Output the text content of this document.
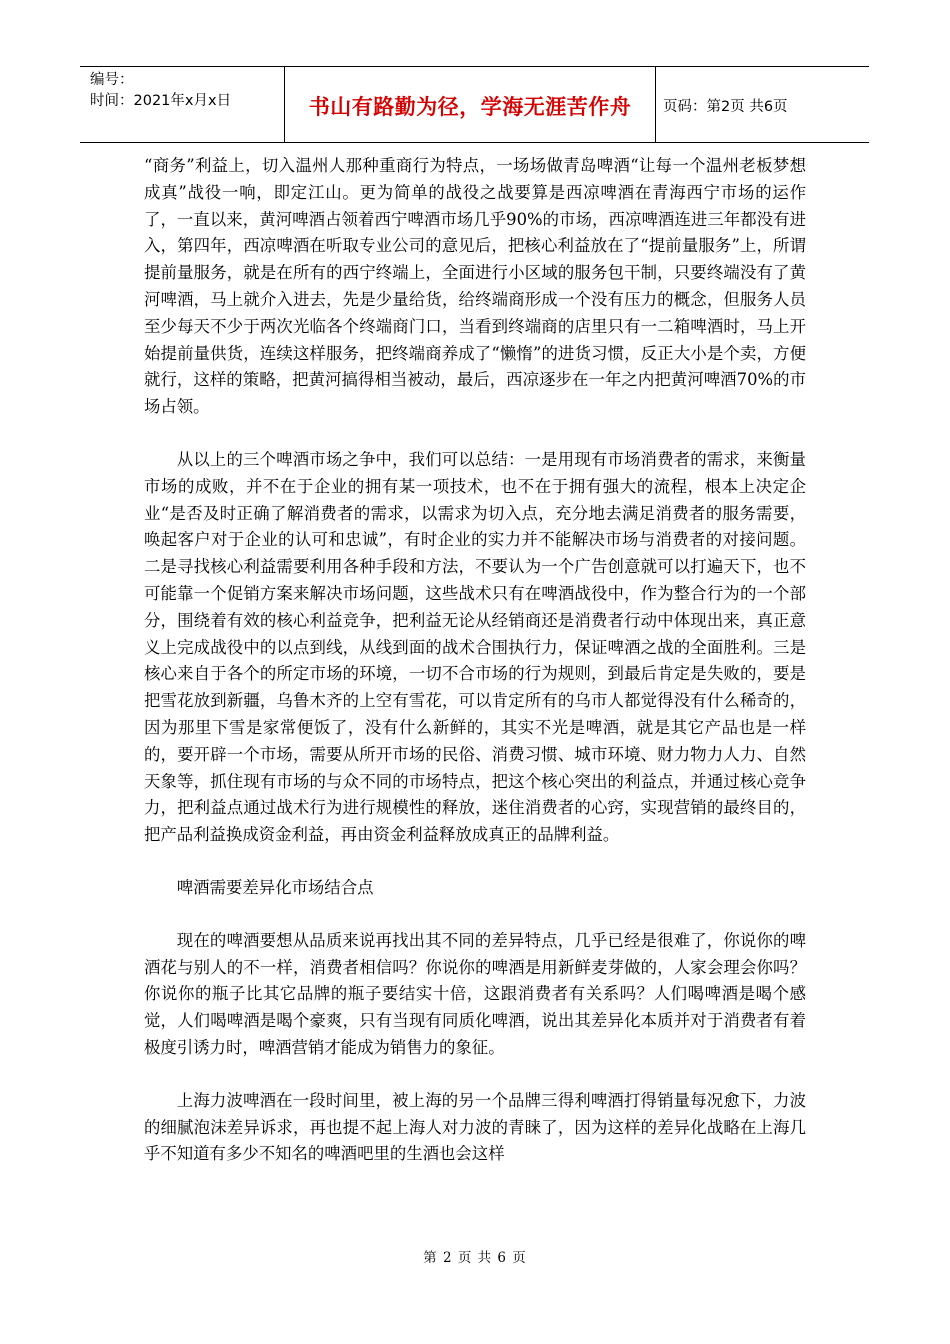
编号：
时间：2021年x月x日	书山有路勤为径，学海无涯苦作舟	页码：第2页 共6页

“商务”利益上，切入温州人那种重商行为特点，一场场做青岛啤酒“让每一个温州老板梦想成真”战役一响，即定江山。更为简单的战役之战要算是西凉啤酒在青海西宁市场的运作了，一直以来，黄河啤酒占领着西宁啤酒市场几乎90%的市场，西凉啤酒连进三年都没有进入，第四年，西凉啤酒在听取专业公司的意见后，把核心利益放在了“提前量服务”上，所谓提前量服务，就是在所有的西宁终端上，全面进行小区域的服务包干制，只要终端没有了黄河啤酒，马上就介入进去，先是少量给货，给终端商形成一个没有压力的概念，但服务人员至少每天不少于两次光临各个终端商门口，当看到终端商的店里只有一二箱啤酒时，马上开始提前量供货，连续这样服务，把终端商养成了“懒惰”的进货习惯，反正大小是个卖，方便就行，这样的策略，把黄河搞得相当被动，最后，西凉逐步在一年之内把黄河啤酒70%的市场占领。

从以上的三个啤酒市场之争中，我们可以总结：一是用现有市场消费者的需求，来衡量市场的成败，并不在于企业的拥有某一项技术，也不在于拥有强大的流程，根本上决定企业“是否及时正确了解消费者的需求，以需求为切入点，充分地去满足消费者的服务需要，唤起客户对于企业的认可和忠诚”，有时企业的实力并不能解决市场与消费者的对接问题。二是寻找核心利益需要利用各种手段和方法，不要认为一个广告创意就可以打遍天下，也不可能靠一个促销方案来解决市场问题，这些战术只有在啤酒战役中，作为整合行为的一个部分，围绕着有效的核心利益竞争，把利益无论从经销商还是消费者行动中体现出来，真正意义上完成战役中的以点到线，从线到面的战术合围执行力，保证啤酒之战的全面胜利。三是核心来自于各个的所定市场的环境，一切不合市场的行为规则，到最后肯定是失败的，要是把雪花放到新疆，乌鲁木齐的上空有雪花，可以肯定所有的乌市人都觉得没有什么稀奇的，因为那里下雪是家常便饭了，没有什么新鲜的，其实不光是啤酒，就是其它产品也是一样的，要开辟一个市场，需要从所开市场的民俗、消费习惯、城市环境、财力物力人力、自然天象等，抓住现有市场的与众不同的市场特点，把这个核心突出的利益点，并通过核心竞争力，把利益点通过战术行为进行规模性的释放，迷住消费者的心窍，实现营销的最终目的，把产品利益换成资金利益，再由资金利益释放成真正的品牌利益。

啤酒需要差异化市场结合点

现在的啤酒要想从品质来说再找出其不同的差异特点，几乎已经是很难了，你说你的啤酒花与别人的不一样，消费者相信吗？你说你的啤酒是用新鲜麦芽做的，人家会理会你吗？你说你的瓶子比其它品牌的瓶子要结实十倍，这跟消费者有关系吗？人们喝啤酒是喝个感觉，人们喝啤酒是喝个豪爽，只有当现有同质化啤酒，说出其差异化本质并对于消费者有着极度引诱力时，啤酒营销才能成为销售力的象征。

上海力波啤酒在一段时间里，被上海的另一个品牌三得利啤酒打得销量每况愈下，力波的细腻泡沫差异诉求，再也提不起上海人对力波的青睐了，因为这样的差异化战略在上海几乎不知道有多少不知名的啤酒吧里的生酒也会这样

第 2 页 共 6 页
